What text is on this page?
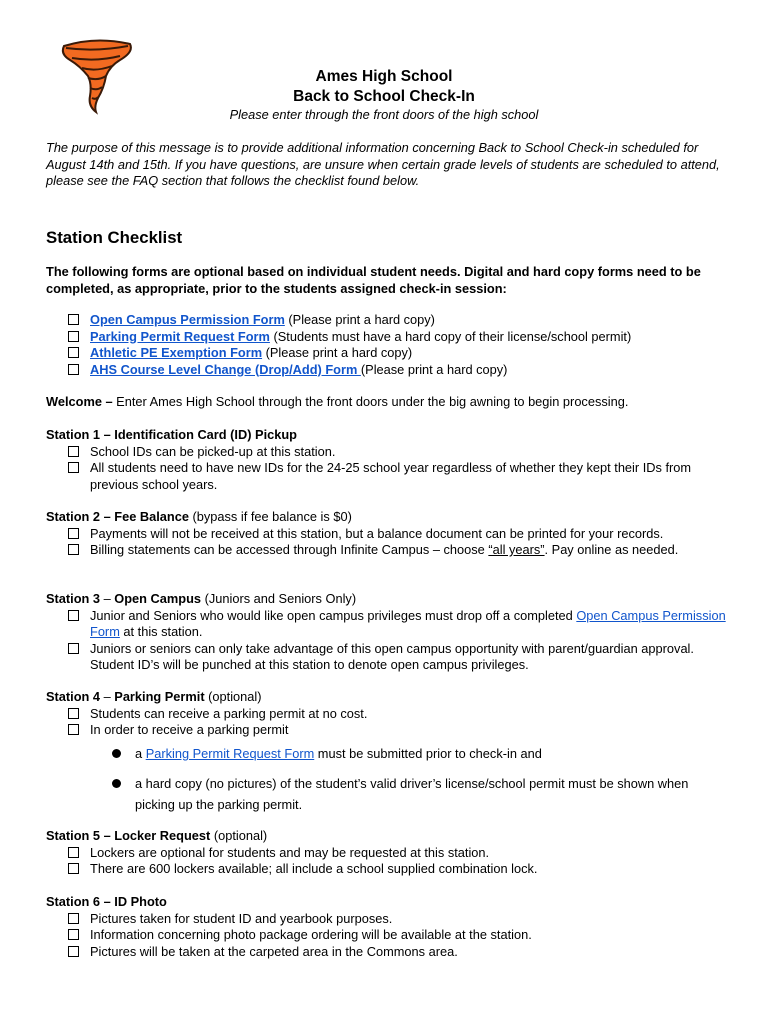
Ames High School
Back to School Check-In
Please enter through the front doors of the high school
The purpose of this message is to provide additional information concerning Back to School Check-in scheduled for August 14th and 15th. If you have questions, are unsure when certain grade levels of students are scheduled to attend, please see the FAQ section that follows the checklist found below.
Station Checklist
The following forms are optional based on individual student needs. Digital and hard copy forms need to be completed, as appropriate, prior to the students assigned check-in session:
Open Campus Permission Form (Please print a hard copy)
Parking Permit Request Form (Students must have a hard copy of their license/school permit)
Athletic PE Exemption Form (Please print a hard copy)
AHS Course Level Change (Drop/Add) Form (Please print a hard copy)
Welcome – Enter Ames High School through the front doors under the big awning to begin processing.
Station 1 – Identification Card (ID) Pickup
School IDs can be picked-up at this station.
All students need to have new IDs for the 24-25 school year regardless of whether they kept their IDs from previous school years.
Station 2 – Fee Balance (bypass if fee balance is $0)
Payments will not be received at this station, but a balance document can be printed for your records.
Billing statements can be accessed through Infinite Campus – choose “all years”. Pay online as needed.
Station 3 – Open Campus (Juniors and Seniors Only)
Junior and Seniors who would like open campus privileges must drop off a completed Open Campus Permission Form at this station.
Juniors or seniors can only take advantage of this open campus opportunity with parent/guardian approval. Student ID’s will be punched at this station to denote open campus privileges.
Station 4 – Parking Permit (optional)
Students can receive a parking permit at no cost.
In order to receive a parking permit
a Parking Permit Request Form must be submitted prior to check-in and
a hard copy (no pictures) of the student’s valid driver’s license/school permit must be shown when picking up the parking permit.
Station 5 – Locker Request (optional)
Lockers are optional for students and may be requested at this station.
There are 600 lockers available; all include a school supplied combination lock.
Station 6 – ID Photo
Pictures taken for student ID and yearbook purposes.
Information concerning photo package ordering will be available at the station.
Pictures will be taken at the carpeted area in the Commons area.
